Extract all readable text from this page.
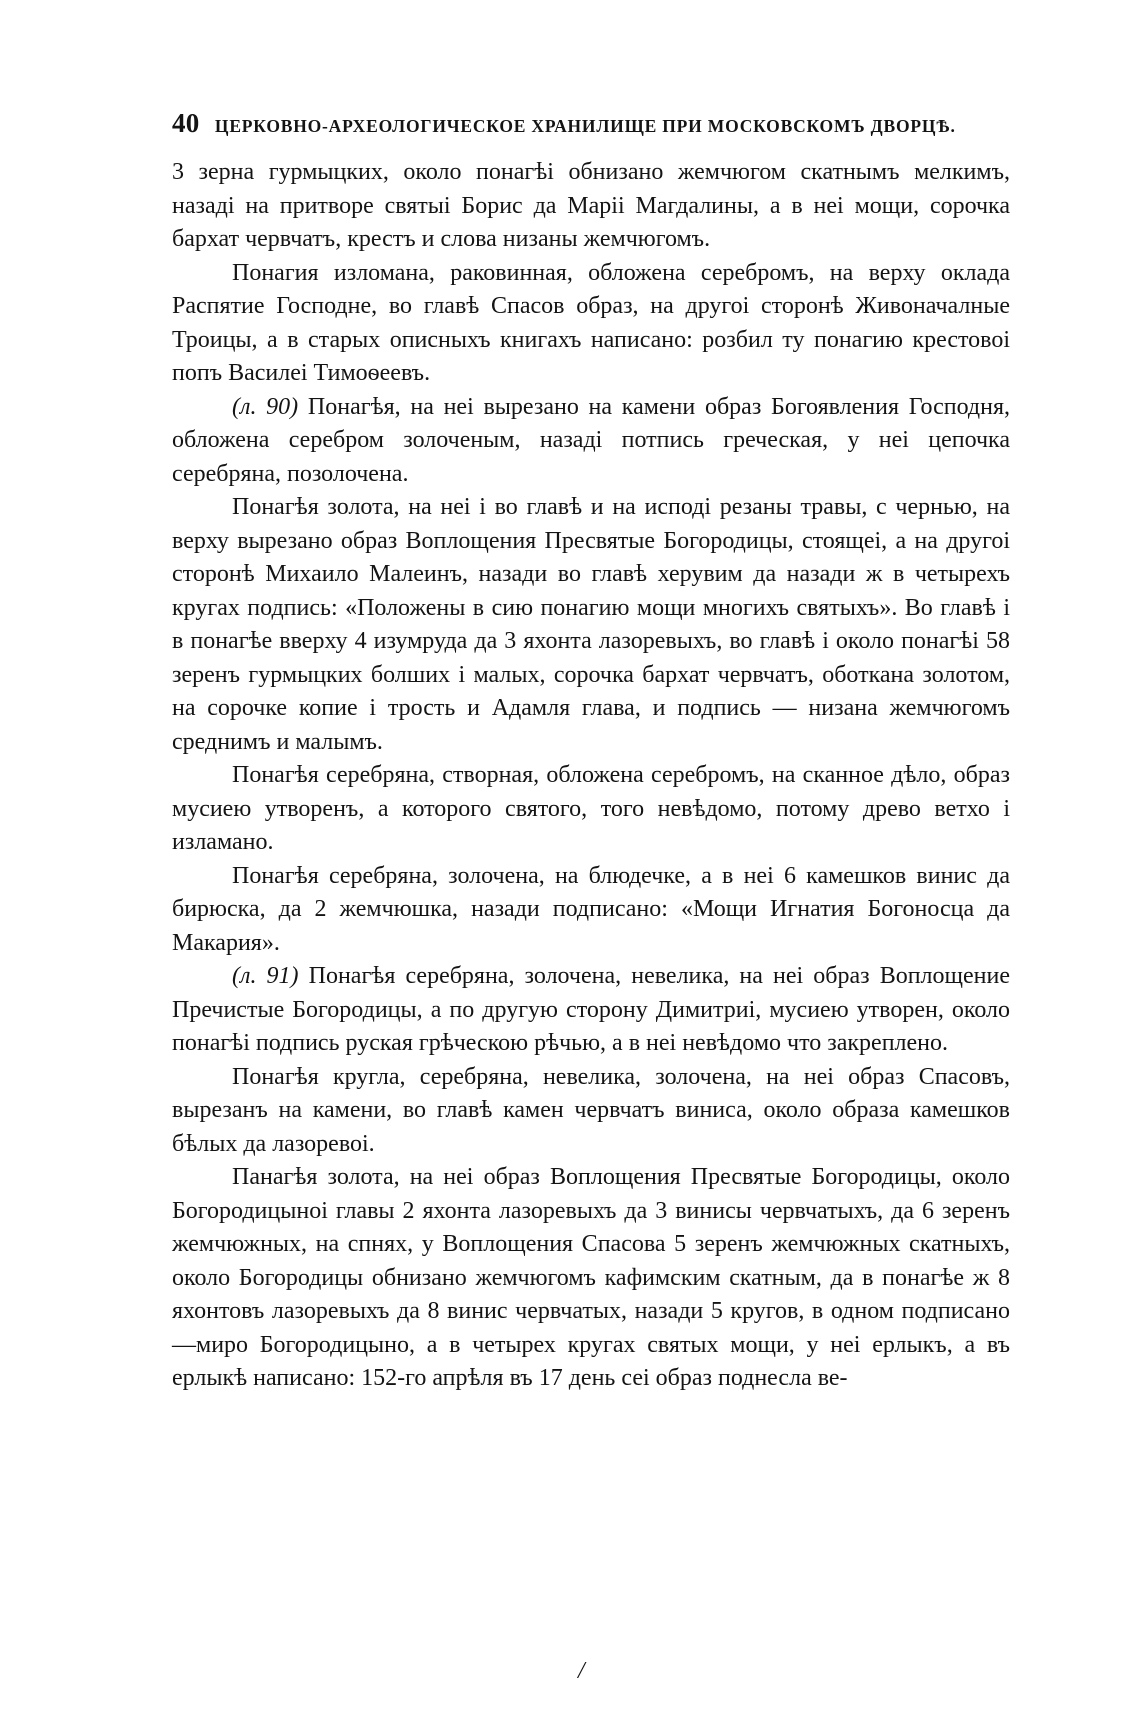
40 ЦЕРКОВНО-АРХЕОЛОГИЧЕСКОЕ ХРАНИЛИЩЕ ПРИ МОСКОВСКОМЪ ДВОРЦѢ.

3 зерна гурмыцких, около понагѣі обнизано жемчюгом скатнымъ мелкимъ, назаді на притворе святыі Борис да Маріі Магдалины, а в неі мощи, сорочка бархат червчатъ, крестъ и слова низаны жемчюгомъ.

Понагия изломана, раковинная, обложена серебромъ, на верху оклада Распятие Господне, во главѣ Спасов образ, на другоі сторонѣ Живоначалные Троицы, а в старых описныхъ книгахъ написано: розбил ту понагию крестовоі попъ Василеі Тимоѳеевъ.

(л. 90) Понагѣя, на неі вырезано на камени образ Богоявления Господня, обложена серебром золоченым, назаді потпись греческая, у неі цепочка серебряна, позолочена.

Понагѣя золота, на неі і во главѣ и на исподі резаны травы, с чернью, на верху вырезано образ Воплощения Пресвятые Богородицы, стоящеі, а на другоі сторонѣ Михаило Малеинъ, назади во главѣ херувим да назади ж в четырехъ кругах подпись: «Положены в сию понагию мощи многихъ святыхъ». Во главѣ і в понагѣе вверху 4 изумруда да 3 яхонта лазоревыхъ, во главѣ і около понагѣі 58 зеренъ гурмыцких болших і малых, сорочка бархат червчатъ, оботкана золотом, на сорочке копие і трость и Адамля глава, и подпись — низана жемчюгомъ среднимъ и малымъ.

Понагѣя серебряна, створная, обложена серебромъ, на сканное дѣло, образ мусиею утворенъ, а которого святого, того невѣдомо, потому древо ветхо і изламано.

Понагѣя серебряна, золочена, на блюдечке, а в неі 6 камешков винис да бирюска, да 2 жемчюшка, назади подписано: «Мощи Игнатия Богоносца да Макария».

(л. 91) Понагѣя серебряна, золочена, невелика, на неі образ Воплощение Пречистые Богородицы, а по другую сторону Димитриі, мусиею утворен, около понагѣі подпись руская грѣческою рѣчью, а в неі невѣдомо что закреплено.

Понагѣя кругла, серебряна, невелика, золочена, на неі образ Спасовъ, вырезанъ на камени, во главѣ камен червчатъ виниса, около образа камешков бѣлых да лазоревоі.

Панагѣя золота, на неі образ Воплощения Пресвятые Богородицы, около Богородицыноі главы 2 яхонта лазоревыхъ да 3 винисы червчатыхъ, да 6 зеренъ жемчюжных, на спнях, у Воплощения Спасова 5 зеренъ жемчюжных скатныхъ, около Богородицы обнизано жемчюгомъ кафимским скатным, да в понагѣе ж 8 яхонтовъ лазоревыхъ да 8 винис червчатых, назади 5 кругов, в одном подписано—миро Богородицыно, а в четырех кругах святых мощи, у неі ерлыкъ, а въ ерлыкѣ написано: 152-го апрѣля въ 17 день сеі образ поднесла ве-

/
